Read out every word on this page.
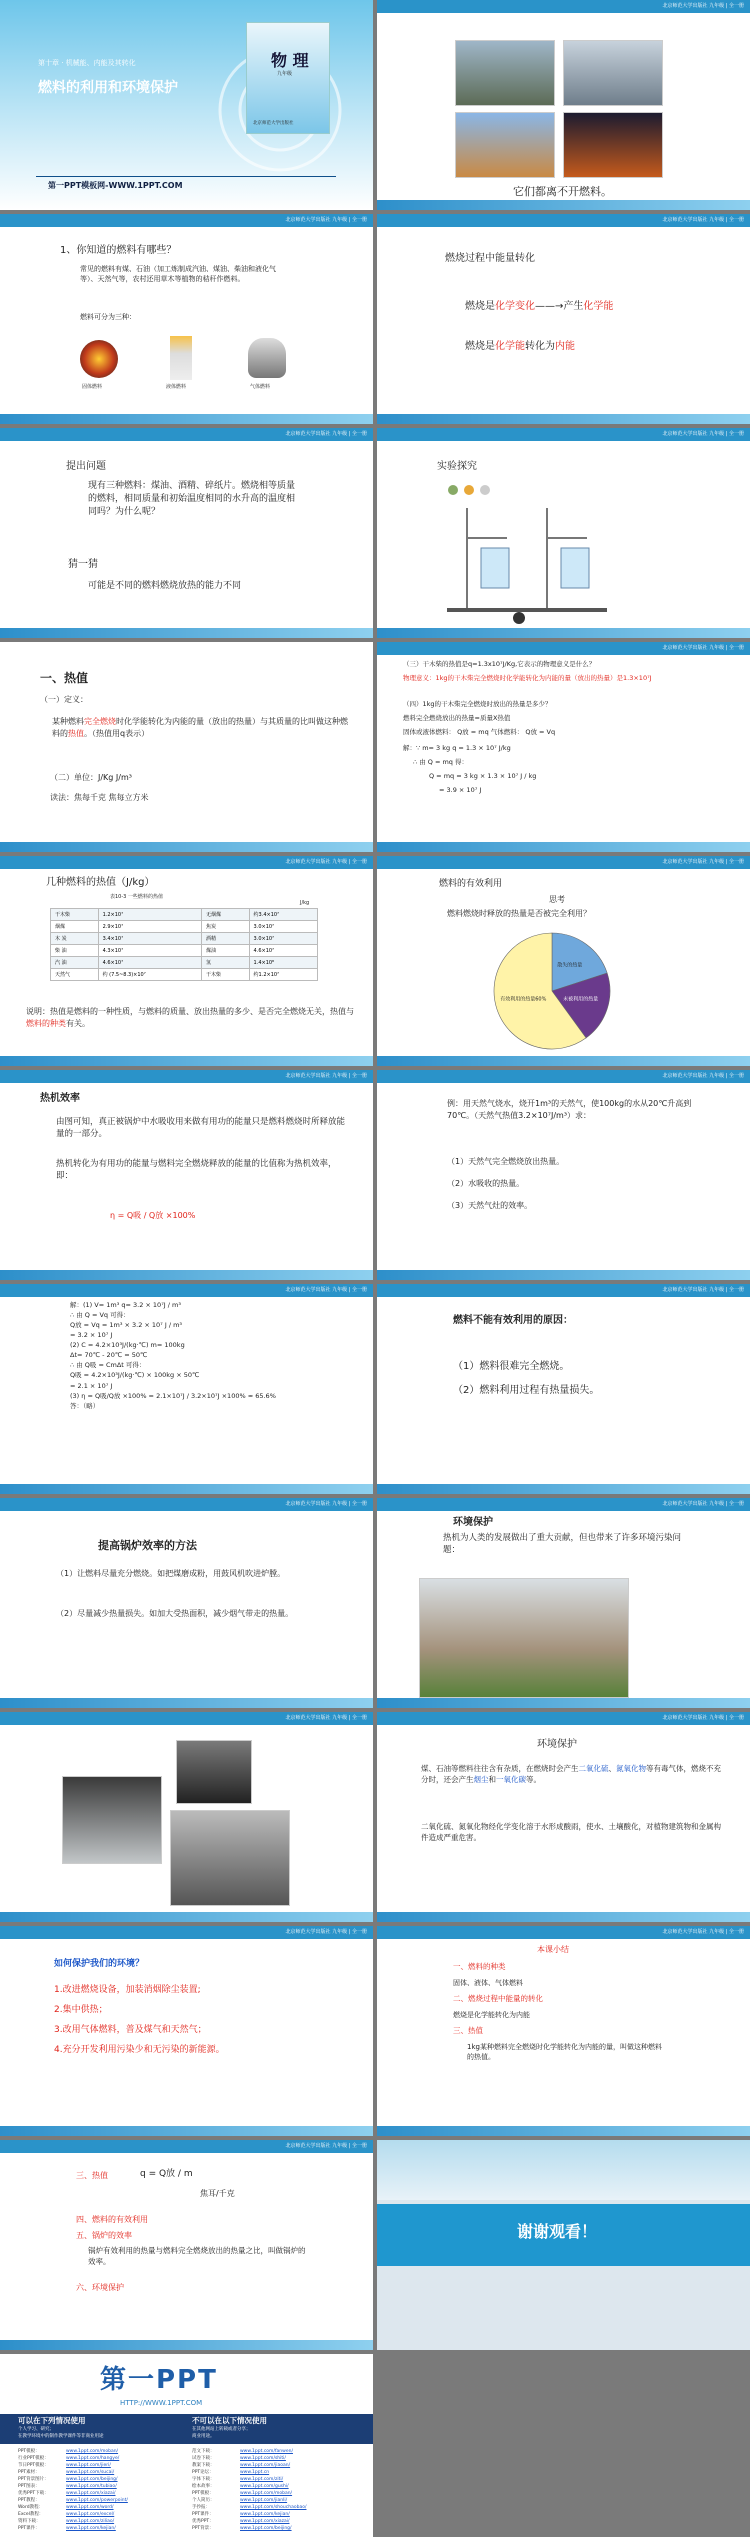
第十章 · 机械能、内能及其转化
燃料的利用和环境保护
物 理
九年级
北京师范大学出版社
第一PPT模板网-WWW.1PPT.COM
北京师范大学出版社 九年级 | 全一册
它们都离不开燃料。
北京师范大学出版社 九年级 | 全一册
1、你知道的燃料有哪些？
常见的燃料有煤、石油（加工炼制成汽油、煤油、柴油和液化气等）、天然气等，农村还用草木等植物的秸秆作燃料。
燃料可分为三种：
固体燃料	液体燃料	气体燃料
北京师范大学出版社 九年级 | 全一册
燃烧过程中能量转化
燃烧是化学变化——→产生化学能
燃烧是化学能转化为内能
北京师范大学出版社 九年级 | 全一册
提出问题
现有三种燃料：煤油、酒精、碎纸片。燃烧相等质量的燃料，相同质量和初始温度相同的水升高的温度相同吗？为什么呢？
猜一猜
可能是不同的燃料燃烧放热的能力不同
北京师范大学出版社 九年级 | 全一册
实验探究
一、热值
（一）定义：
某种燃料完全燃烧时化学能转化为内能的量（放出的热量）与其质量的比叫做这种燃料的热值。（热值用q表示）
（二）单位：J/Kg J/m³
读法：焦每千克 焦每立方米
北京师范大学出版社 九年级 | 全一册
（三）干木柴的热值是q=1.3x10⁷J/Kg,它表示的物理意义是什么？
物理意义：1kg的干木柴完全燃烧时化学能转化为内能的量（放出的热量）是1.3×10⁷J
（四）1kg的干木柴完全燃烧时放出的热量是多少？
燃料完全燃烧放出的热量=质量X热值
固体或液体燃料： Q放 = mq 气体燃料： Q放 = Vq
解：∵ m= 3 kg q = 1.3 × 10⁷ J/kg
∴ 由 Q = mq 得：
Q = mq = 3 kg × 1.3 × 10⁷ J / kg
= 3.9 × 10⁷ J
北京师范大学出版社 九年级 | 全一册
几种燃料的热值（J/kg）
表10-3 一些燃料的热值
J/kg
干木柴	1.2×10⁷	无烟煤	约3.4×10⁷
烟煤	2.9×10⁷	焦炭	3.0×10⁷
木 炭	3.4×10⁷	酒精	3.0×10⁷
柴 油	4.3×10⁷	煤油	4.6×10⁷
汽 油	4.6×10⁷	氢	1.4×10⁸
天然气	约 (7.5~8.3)×10⁷	干木柴	约1.2×10⁷
说明：热值是燃料的一种性质，与燃料的质量、放出热量的多少、是否完全燃烧无关，热值与燃料的种类有关。
北京师范大学出版社 九年级 | 全一册
燃料的有效利用
思考
燃料燃烧时释放的热量是否被完全利用？
散失的热量
未被利用的热量
有效利用的热量60%
北京师范大学出版社 九年级 | 全一册
热机效率
由图可知，真正被锅炉中水吸收用来做有用功的能量只是燃料燃烧时所释放能量的一部分。
热机转化为有用功的能量与燃料完全燃烧释放的能量的比值称为热机效率，即：
η = Q吸 / Q放 ×100%
北京师范大学出版社 九年级 | 全一册
例：用天然气烧水，烧开1m³的天然气，使100kg的水从20℃升高到70℃。（天然气热值3.2×10⁷J/m³）求：
（1）天然气完全燃烧放出热量。
（2）水吸收的热量。
（3）天然气灶的效率。
北京师范大学出版社 九年级 | 全一册
解：(1) V= 1m³ q= 3.2 × 10⁷J / m³
∴ 由 Q = Vq 可得：
Q放 = Vq = 1m³ × 3.2 × 10⁷ J / m³
= 3.2 × 10⁷ J
(2) C = 4.2×10³J/(kg·℃) m= 100kg
Δt= 70℃ - 20℃ = 50℃
∴ 由 Q吸 = CmΔt 可得：
Q吸 = 4.2×10³J/(kg·℃) × 100kg × 50℃
= 2.1 × 10⁷ J
(3) η = Q吸/Q放 ×100% = 2.1×10⁷J / 3.2×10⁷J ×100% ≈ 65.6%
答：（略）
北京师范大学出版社 九年级 | 全一册
燃料不能有效利用的原因：
（1）燃料很难完全燃烧。
（2）燃料利用过程有热量损失。
北京师范大学出版社 九年级 | 全一册
提高锅炉效率的方法
（1）让燃料尽量充分燃烧。如把煤磨成粉，用鼓风机吹进炉膛。
（2）尽量减少热量损失。如加大受热面积，减少烟气带走的热量。
北京师范大学出版社 九年级 | 全一册
环境保护
热机为人类的发展做出了重大贡献，但也带来了许多环境污染问题：
北京师范大学出版社 九年级 | 全一册	北京师范大学出版社 九年级 | 全一册
环境保护
煤、石油等燃料往往含有杂质，在燃烧时会产生二氧化硫、氮氧化物等有毒气体，燃烧不充分时，还会产生烟尘和一氧化碳等。
二氧化硫、氮氧化物经化学变化溶于水形成酸雨，使水、土壤酸化，对植物建筑物和金属构件造成严重危害。
北京师范大学出版社 九年级 | 全一册
如何保护我们的环境？
1.改进燃烧设备，加装消烟除尘装置;
2.集中供热；
3.改用气体燃料，普及煤气和天然气；
4.充分开发利用污染少和无污染的新能源。
北京师范大学出版社 九年级 | 全一册
本课小结
一、燃料的种类
固体、液体、气体燃料
二、燃烧过程中能量的转化
燃烧是化学能转化为内能
三、热值
1kg某种燃料完全燃烧时化学能转化为内能的量，叫做这种燃料的热值。
北京师范大学出版社 九年级 | 全一册
三、热值	q = Q放 / m
焦耳/千克
四、燃料的有效利用
五、锅炉的效率
锅炉有效利用的热量与燃料完全燃烧放出的热量之比，叫做锅炉的效率。
六、环境保护
谢谢观看！
第一PPT
HTTP://WWW.1PPT.COM
可以在下列情况使用
个人学习、研究；
在教学环境中的制作教学课件等非商业用途
不可以在以下情况使用
在其他网站上转载或者分享；
商业用途。
PPT模板：	www.1ppt.com/moban/
行业PPT模板：	www.1ppt.com/hangye/
节日PPT模板：	www.1ppt.com/jieri/
PPT素材：	www.1ppt.com/sucai/
PPT背景图片：	www.1ppt.com/beijing/
PPT图表：	www.1ppt.com/tubiao/
优秀PPT下载：	www.1ppt.com/xiazai/
PPT教程：	www.1ppt.com/powerpoint/
Word教程：	www.1ppt.com/word/
Excel教程：	www.1ppt.com/excel/
资料下载：	www.1ppt.com/ziliao/
PPT课件：	www.1ppt.com/kejian/
范文下载：	www.1ppt.com/fanwen/
试卷下载：	www.1ppt.com/shiti/
教案下载：	www.1ppt.com/jiaoan/
PPT论坛：	www.1ppt.cn
字体下载：	www.1ppt.com/ziti/
绘本故事：	www.1ppt.com/gushi/
PPT模板：	www.1ppt.com/moban/
个人简历：	www.1ppt.com/jianli/
手抄报：	www.1ppt.com/shouchaobao/
PPT课件：	www.1ppt.com/kejian/
优秀PPT：	www.1ppt.com/xiazai/
PPT背景：	www.1ppt.com/beijing/
